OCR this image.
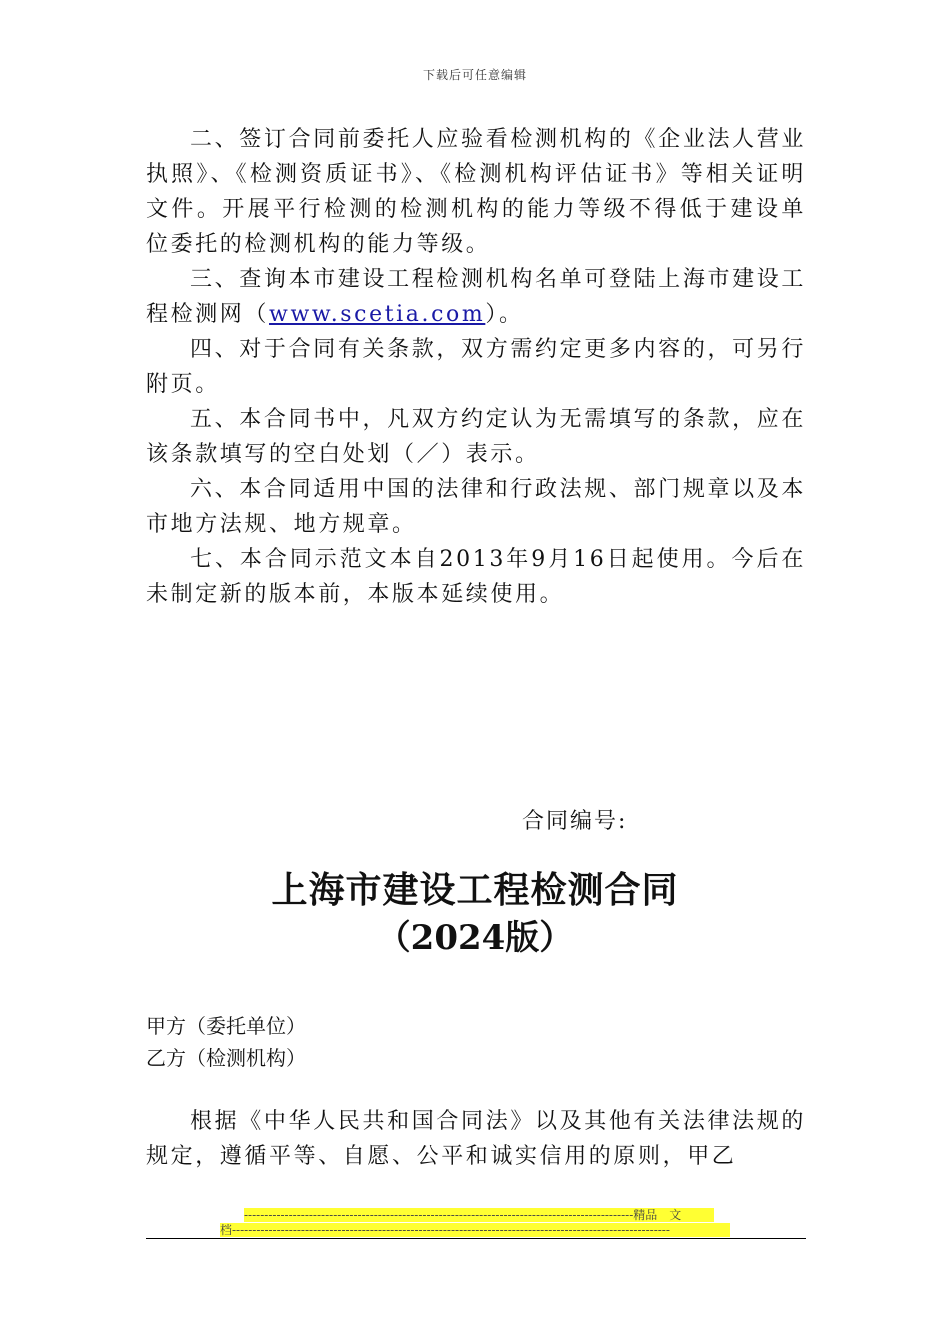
下载后可任意编辑

二、签订合同前委托人应验看检测机构的《企业法人营业执照》、《检测资质证书》、《检测机构评估证书》等相关证明文件。开展平行检测的检测机构的能力等级不得低于建设单位委托的检测机构的能力等级。

三、查询本市建设工程检测机构名单可登陆上海市建设工程检测网（www.scetia.com）。

四、对于合同有关条款，双方需约定更多内容的，可另行附页。

五、本合同书中，凡双方约定认为无需填写的条款，应在该条款填写的空白处划（／）表示。

六、本合同适用中国的法律和行政法规、部门规章以及本市地方法规、地方规章。

七、本合同示范文本自2013年9月16日起使用。今后在未制定新的版本前，本版本延续使用。

合同编号:
上海市建设工程检测合同
（2024版）
甲方（委托单位）
乙方（检测机构）

根据《中华人民共和国合同法》以及其他有关法律法规的规定，遵循平等、自愿、公平和诚实信用的原则，甲乙

------------------------------------------------------------------------------------------------精品　文
档------------------------------------------------------------------------------------------------------------
